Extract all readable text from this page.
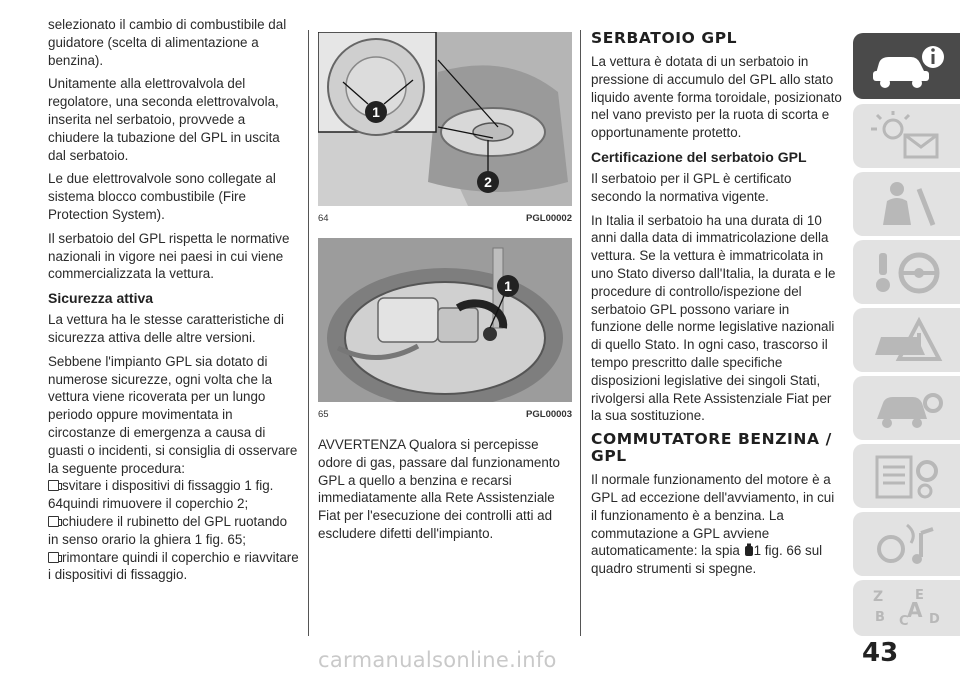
selezionato il cambio di combustibile dal guidatore (scelta di alimentazione a benzina).

Unitamente alla elettrovalvola del regolatore, una seconda elettrovalvola, inserita nel serbatoio, provvede a chiudere la tubazione del GPL in uscita dal serbatoio.

Le due elettrovalvole sono collegate al sistema blocco combustibile (Fire Protection System).

Il serbatoio del GPL rispetta le normative nazionali in vigore nei paesi in cui viene commercializzata la vettura.

Sicurezza attiva

La vettura ha le stesse caratteristiche di sicurezza attiva delle altre versioni.

Sebbene l'impianto GPL sia dotato di numerose sicurezze, ogni volta che la vettura viene ricoverata per un lungo periodo oppure movimentata in circostanze di emergenza a causa di guasti o incidenti, si consiglia di osservare la seguente procedura:

svitare i dispositivi di fissaggio 1 fig. 64quindi rimuovere il coperchio 2;
chiudere il rubinetto del GPL ruotando in senso orario la ghiera 1 fig. 65;
rimontare quindi il coperchio e riavvitare i dispositivi di fissaggio.
1
2
64	PGL00002
1
65	PGL00003

AVVERTENZA Qualora si percepisse odore di gas, passare dal funzionamento GPL a quello a benzina e recarsi immediatamente alla Rete Assistenziale Fiat per l'esecuzione dei controlli atti ad escludere difetti dell'impianto.

SERBATOIO GPL

La vettura è dotata di un serbatoio in pressione di accumulo del GPL allo stato liquido avente forma toroidale, posizionato nel vano previsto per la ruota di scorta e opportunamente protetto.

Certificazione del serbatoio GPL

Il serbatoio per il GPL è certificato secondo la normativa vigente.

In Italia il serbatoio ha una durata di 10 anni dalla data di immatricolazione della vettura. Se la vettura è immatricolata in uno Stato diverso dall'Italia, la durata e le procedure di controllo/ispezione del serbatoio GPL possono variare in funzione delle norme legislative nazionali di quello Stato. In ogni caso, trascorso il tempo prescritto dalle specifiche disposizioni legislative dei singoli Stati, rivolgersi alla Rete Assistenziale Fiat per la sua sostituzione.

COMMUTATORE BENZINA / GPL

Il normale funzionamento del motore è a GPL ad eccezione dell'avviamento, in cui il funzionamento è a benzina. La commutazione a GPL avviene automaticamente: la spia 1 fig. 66 sul quadro strumenti si spegne.

Z E
B C
A D
43
carmanualsonline.info
